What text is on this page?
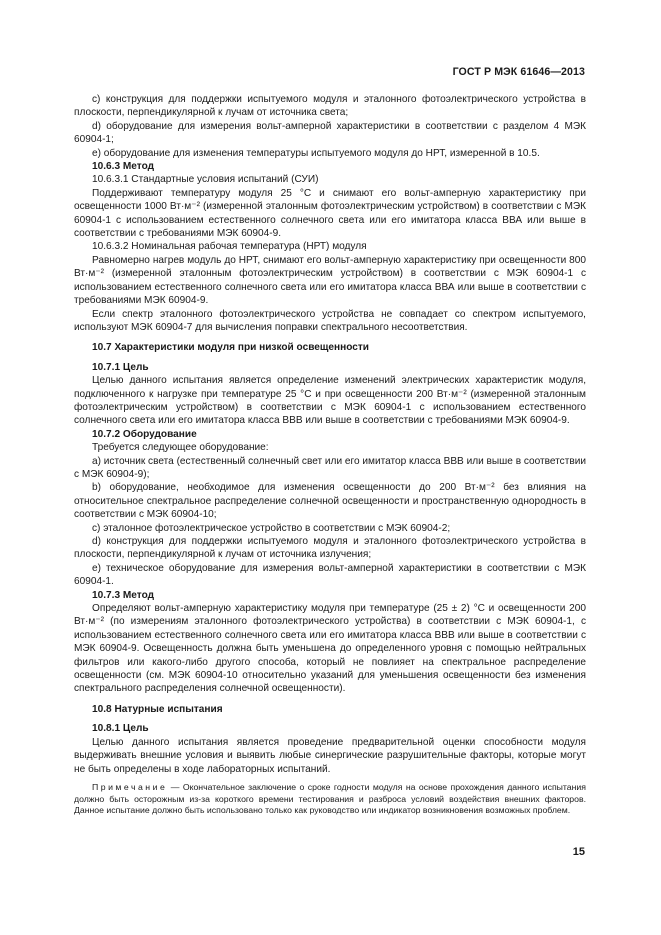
ГОСТ Р МЭК 61646—2013

c) конструкция для поддержки испытуемого модуля и эталонного фотоэлектрического устройства в плоскости, перпендикулярной к лучам от источника света;

d) оборудование для измерения вольт-амперной характеристики в соответствии с разделом 4 МЭК 60904-1;

e) оборудование для изменения температуры испытуемого модуля до НРТ, измеренной в 10.5.

10.6.3 Метод

10.6.3.1 Стандартные условия испытаний (СУИ)

Поддерживают температуру модуля 25 °С и снимают его вольт-амперную характеристику при освещенности 1000 Вт·м⁻² (измеренной эталонным фотоэлектрическим устройством) в соответствии с МЭК 60904-1 с использованием естественного солнечного света или его имитатора класса ВВА или выше в соответствии с требованиями МЭК 60904-9.

10.6.3.2 Номинальная рабочая температура (НРТ) модуля

Равномерно нагрев модуль до НРТ, снимают его вольт-амперную характеристику при освещенности 800 Вт·м⁻² (измеренной эталонным фотоэлектрическим устройством) в соответствии с МЭК 60904-1 с использованием естественного солнечного света или его имитатора класса ВВА или выше в соответствии с требованиями МЭК 60904-9.

Если спектр эталонного фотоэлектрического устройства не совпадает со спектром испытуемого, используют МЭК 60904-7 для вычисления поправки спектрального несоответствия.

10.7 Характеристики модуля при низкой освещенности

10.7.1 Цель

Целью данного испытания является определение изменений электрических характеристик модуля, подключенного к нагрузке при температуре 25 °С и при освещенности 200 Вт·м⁻² (измеренной эталонным фотоэлектрическим устройством) в соответствии с МЭК 60904-1 с использованием естественного солнечного света или его имитатора класса ВВВ или выше в соответствии с требованиями МЭК 60904-9.

10.7.2 Оборудование

Требуется следующее оборудование:

a) источник света (естественный солнечный свет или его имитатор класса ВВВ или выше в соответствии с МЭК 60904-9);

b) оборудование, необходимое для изменения освещенности до 200 Вт·м⁻² без влияния на относительное спектральное распределение солнечной освещенности и пространственную однородность в соответствии с МЭК 60904-10;

c) эталонное фотоэлектрическое устройство в соответствии с МЭК 60904-2;

d) конструкция для поддержки испытуемого модуля и эталонного фотоэлектрического устройства в плоскости, перпендикулярной к лучам от источника излучения;

e) техническое оборудование для измерения вольт-амперной характеристики в соответствии с МЭК 60904-1.

10.7.3 Метод

Определяют вольт-амперную характеристику модуля при температуре (25 ± 2) °С и освещенности 200 Вт·м⁻² (по измерениям эталонного фотоэлектрического устройства) в соответствии с МЭК 60904-1, с использованием естественного солнечного света или его имитатора класса ВВВ или выше в соответствии с МЭК 60904-9. Освещенность должна быть уменьшена до определенного уровня с помощью нейтральных фильтров или какого-либо другого способа, который не повлияет на спектральное распределение освещенности (см. МЭК 60904-10 относительно указаний для уменьшения освещенности без изменения спектрального распределения солнечной освещенности).

10.8 Натурные испытания

10.8.1 Цель

Целью данного испытания является проведение предварительной оценки способности модуля выдерживать внешние условия и выявить любые синергические разрушительные факторы, которые могут не быть определены в ходе лабораторных испытаний.

Примечание — Окончательное заключение о сроке годности модуля на основе прохождения данного испытания должно быть осторожным из-за короткого времени тестирования и разброса условий воздействия внешних факторов. Данное испытание должно быть использовано только как руководство или индикатор возникновения возможных проблем.

15
